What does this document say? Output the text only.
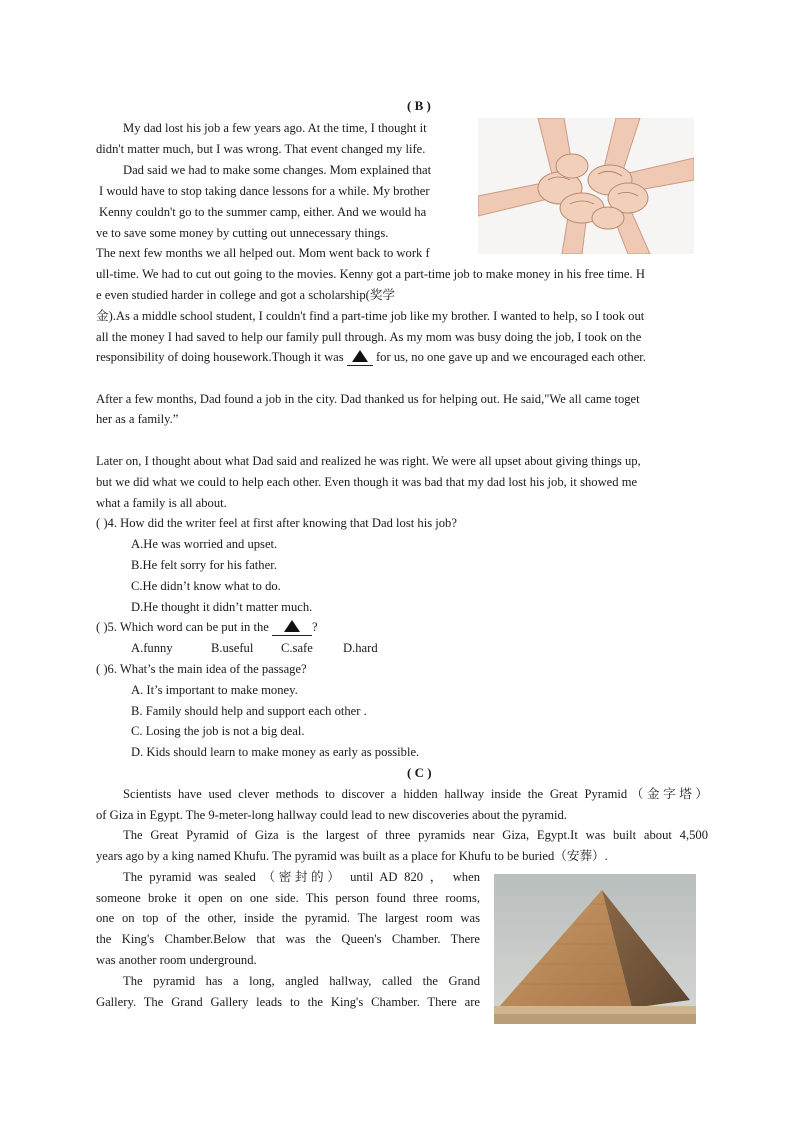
( B )
My dad lost his job a few years ago. At the time, I thought it
didn't matter much, but I was wrong. That event changed my life.
Dad said we had to make some changes. Mom explained that
I would have to stop taking dance lessons for a while. My brother
Kenny couldn't go to the summer camp, either. And we would ha
ve to save some money by cutting out unnecessary things.
The next few months we all helped out. Mom went back to work f
ull-time. We had to cut out going to the movies. Kenny got a part-time job to make money in his free time. H
e even studied harder in college and got a scholarship(奖学
金).As a middle school student, I couldn't find a part-time job like my brother. I wanted to help, so I took out
all the money I had saved to help our family pull through. As my mom was busy doing the job, I took on the
responsibility of doing housework.Though it was	for us, no one gave up and we encouraged each other.
After a few months, Dad found a job in the city. Dad thanked us for helping out. He said,"We all came toget
her as a family.”
Later on, I thought about what Dad said and realized he was right. We were all upset about giving things up,
but we did what we could to help each other. Even though it was bad that my dad lost his job, it showed me
what a family is all about.
( )4. How did the writer feel at first after knowing that Dad lost his job?
A.He was worried and upset.
B.He felt sorry for his father.
C.He didn’t know what to do.
D.He thought it didn’t matter much.
( )5. Which word can be put in the	?
A.funny	B.useful C.safe D.hard
( )6. What’s the main idea of the passage?
A. It’s important to make money.
B. Family should help and support each other .
C. Losing the job is not a big deal.
D. Kids should learn to make money as early as possible.
( C )
Scientists have used clever methods to discover a hidden hallway inside the Great Pyramid（金字塔）
of Giza in Egypt. The 9-meter-long hallway could lead to new discoveries about the pyramid.
The Great Pyramid of Giza is the largest of three pyramids near Giza, Egypt.It was built about 4,500
years ago by a king named Khufu. The pyramid was built as a place for Khufu to be buried（安葬）.
The pyramid was sealed （密封的） until AD 820 ， when
someone broke it open on one side. This person found three rooms,
one on top of the other, inside the pyramid. The largest room was
the King's Chamber.Below that was the Queen's Chamber. There
was another room underground.
The pyramid has a long, angled hallway, called the Grand
Gallery. The Grand Gallery leads to the King's Chamber. There are
